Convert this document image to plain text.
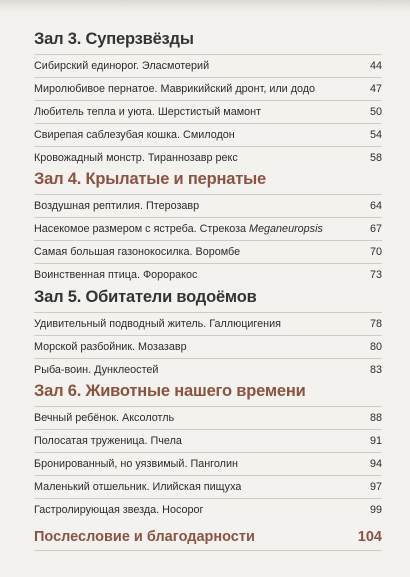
Зал 3. Суперзвёзды
Сибирский единорог. Эласмотерий	44
Миролюбивое пернатое. Маврикийский дронт, или додо	47
Любитель тепла и уюта. Шерстистый мамонт	50
Свирепая саблезубая кошка. Смилодон	54
Кровожадный монстр. Тираннозавр рекс	58
Зал 4. Крылатые и пернатые
Воздушная рептилия. Птерозавр	64
Насекомое размером с ястреба. Стрекоза Meganeuropsis	67
Самая большая газонокосилка. Воромбе	70
Воинственная птица. Фороракос	73
Зал 5. Обитатели водоёмов
Удивительный подводный житель. Галлюцигения	78
Морской разбойник. Мозазавр	80
Рыба-воин. Дунклеостей	83
Зал 6. Животные нашего времени
Вечный ребёнок. Аксолотль	88
Полосатая труженица. Пчела	91
Бронированный, но уязвимый. Панголин	94
Маленький отшельник. Илийская пищуха	97
Гастролирующая звезда. Носорог	99
Послесловие и благодарности	104
